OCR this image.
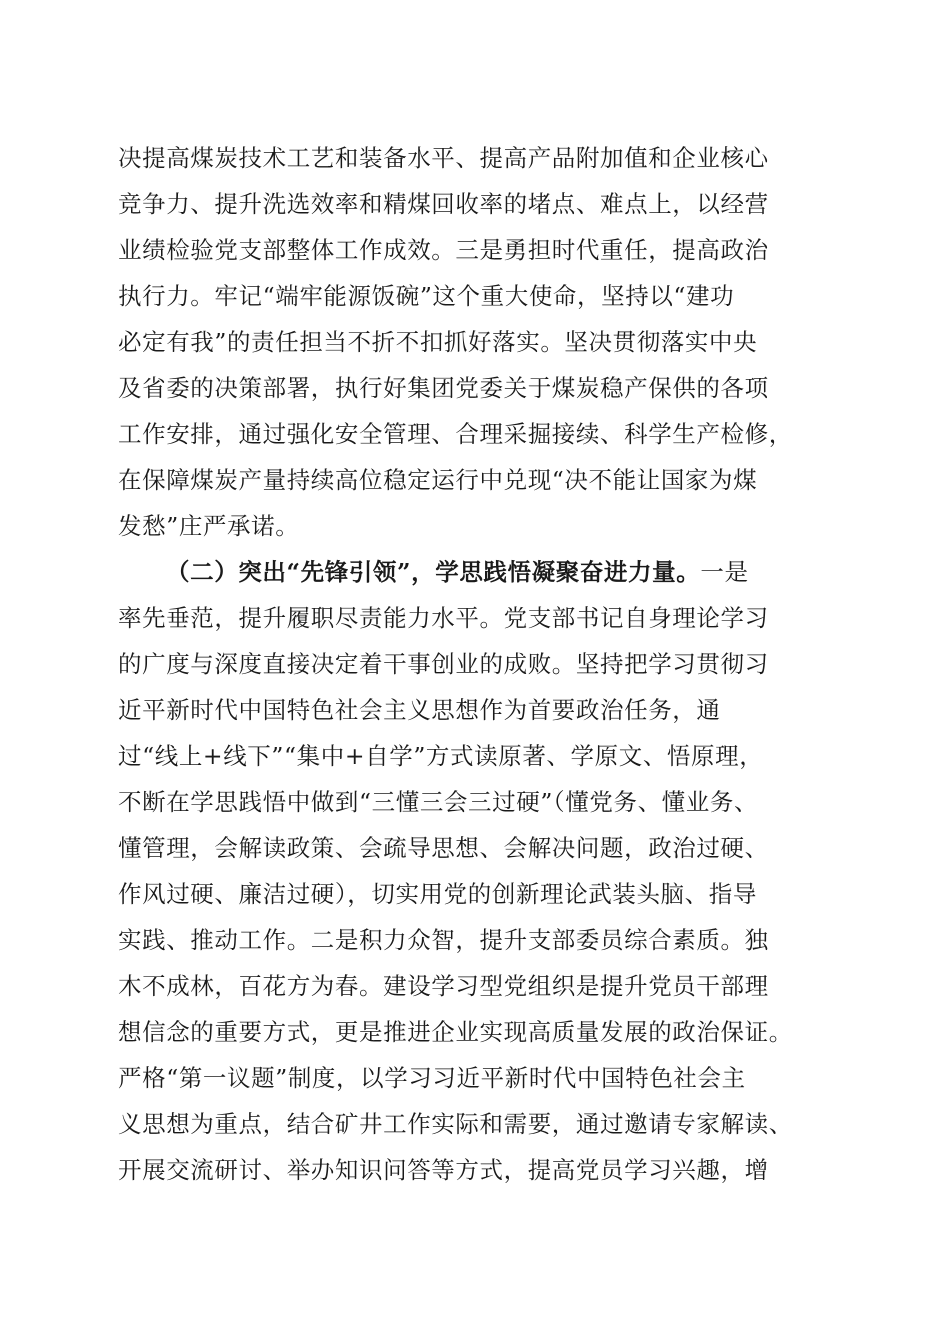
决提高煤炭技术工艺和装备水平、提高产品附加值和企业核心
竞争力、提升洗选效率和精煤回收率的堵点、难点上，以经营
业绩检验党支部整体工作成效。三是勇担时代重任，提高政治
执行力。牢记“端牢能源饭碗”这个重大使命，坚持以“建功
必定有我”的责任担当不折不扣抓好落实。坚决贯彻落实中央
及省委的决策部署，执行好集团党委关于煤炭稳产保供的各项
工作安排，通过强化安全管理、合理采掘接续、科学生产检修，
在保障煤炭产量持续高位稳定运行中兑现“决不能让国家为煤
发愁”庄严承诺。
（二）突出“先锋引领”，学思践悟凝聚奋进力量。一是
率先垂范，提升履职尽责能力水平。党支部书记自身理论学习
的广度与深度直接决定着干事创业的成败。坚持把学习贯彻习
近平新时代中国特色社会主义思想作为首要政治任务，通
过“线上+线下”“集中+自学”方式读原著、学原文、悟原理，
不断在学思践悟中做到“三懂三会三过硬”（懂党务、懂业务、
懂管理，会解读政策、会疏导思想、会解决问题，政治过硬、
作风过硬、廉洁过硬），切实用党的创新理论武装头脑、指导
实践、推动工作。二是积力众智，提升支部委员综合素质。独
木不成林，百花方为春。建设学习型党组织是提升党员干部理
想信念的重要方式，更是推进企业实现高质量发展的政治保证。
严格“第一议题”制度，以学习习近平新时代中国特色社会主
义思想为重点，结合矿井工作实际和需要，通过邀请专家解读、
开展交流研讨、举办知识问答等方式，提高党员学习兴趣，增
